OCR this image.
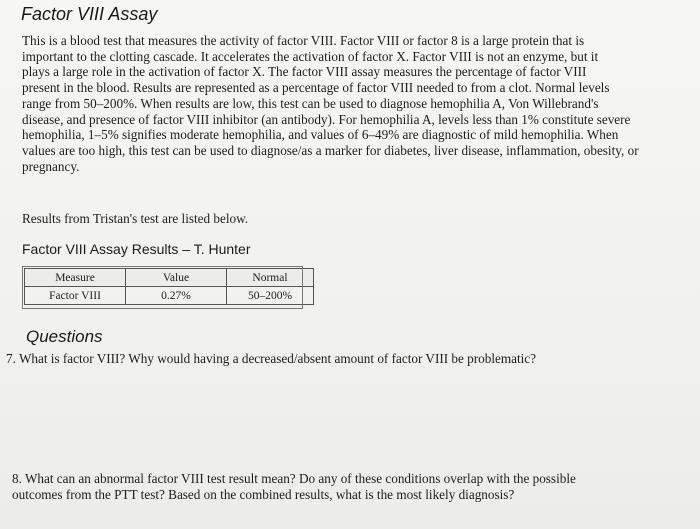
Factor VIII Assay
This is a blood test that measures the activity of factor VIII. Factor VIII or factor 8 is a large protein that is
important to the clotting cascade. It accelerates the activation of factor X. Factor VIII is not an enzyme, but it
plays a large role in the activation of factor X. The factor VIII assay measures the percentage of factor VIII
present in the blood. Results are represented as a percentage of factor VIII needed to from a clot. Normal levels
range from 50–200%. When results are low, this test can be used to diagnose hemophilia A, Von Willebrand's
disease, and presence of factor VIII inhibitor (an antibody). For hemophilia A, levels less than 1% constitute severe
hemophilia, 1–5% signifies moderate hemophilia, and values of 6–49% are diagnostic of mild hemophilia. When
values are too high, this test can be used to diagnose/as a marker for diabetes, liver disease, inflammation, obesity, or
pregnancy.
Results from Tristan's test are listed below.
Factor VIII Assay Results – T. Hunter
Measure	Value	Normal
Factor VIII	0.27%	50–200%
Questions
7. What is factor VIII? Why would having a decreased/absent amount of factor VIII be problematic?
8. What can an abnormal factor VIII test result mean? Do any of these conditions overlap with the possible
outcomes from the PTT test? Based on the combined results, what is the most likely diagnosis?
